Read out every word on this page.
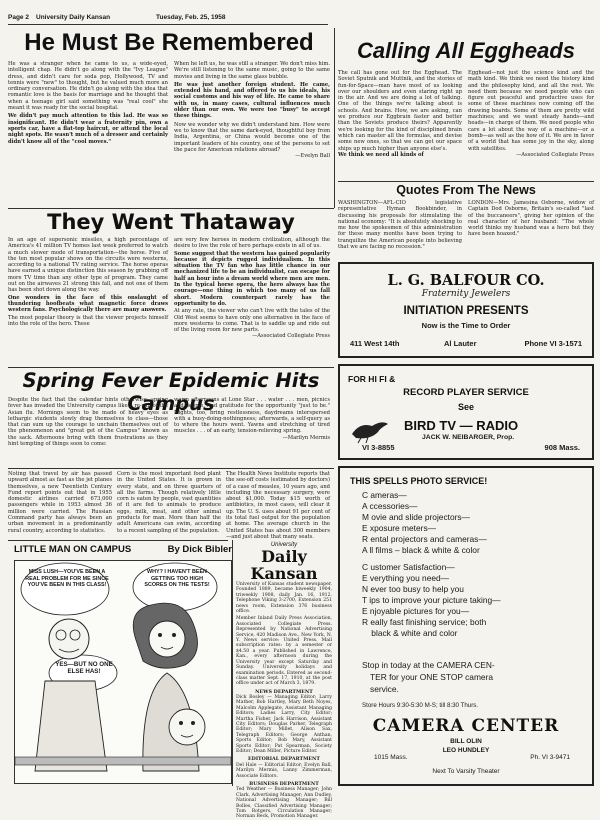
Page 2 University Daily Kansan	Tuesday, Feb. 25, 1958
He Must Be Remembered
He was a stranger when he came to us, a wide-eyed, intelligent chap. He didn't go along with the "Ivy League" dress, and didn't care for soda pop, Hollywood, TV and tennis were "new" to thought, but he valued much more an ordinary conversation. He didn't go along with the idea that romantic love is the basis for marriage and he thought that when a teenage girl said something was "real cool" she meant it was ready for the social hospital.
We didn't pay much attention to this lad. He was so insignificant. He didn't wear a fraternity pin, own a sports car, have a flat-top haircut, or attend the local night spots. He wasn't much of a dresser and certainly didn't know all of the "cool moves."
When he left us, he was still a stranger. We don't miss him. We're still listening to the same music, going to the same movies and living in the same glass bubble.
He was just another foreign student. He came, extended his hand, and offered to us his ideals, his social customs and his way of life. He came to share with us, in many cases, cultural influences much older than our own. We were too "busy" to accept these things.
Now we wonder why we didn't understand him. How were we to know that the same dark-eyed, thoughtful boy from India, Argentina, or China would become one of the important leaders of his country, one of the persons to set the pace for American relations abroad?
—Evelyn Ball
Calling All Eggheads
The call has gone out for the Egghead. The Soviet Sputnik and Muttnik, and the stories of fun-for-Space—man have most of us looking over our shoulders and even staring right up in the air. And we are doing a lot of talking. One of the things we're talking about is schools. And brains. How, we are asking, can we produce our Eggbrain faster and better than the Soviets produce theirs? Apparently we're looking for the kind of disciplined brain which can master all the formulas, and devise some new ones, so that we can get our space ships up much higher than anyone else's.
We think we need all kinds of
Egghead—not just the science kind and the math kind. We think we need the history kind and the philosophy kind, and all the rest. We need them because we need people who can figure out peaceful and productive uses for some of these machines now coming off the drawing boards. Some of them are pretty wild machines; and we want steady hands—and heads—in charge of them. We need people who care a lot about the way of a machine—or a bomb—as well as the how of it. We are in favor of a world that has some joy in the sky, along with satellites.
—Associated Collegiate Press
Quotes From The News
WASHINGTON—AFL-CIO legislative representative Hyman Bookbinder, in discussing his proposals for stimulating the national economy: "It is absolutely shocking to me how the spokesmen of this administration for these many months have been trying to tranquilize the American people into believing that we are facing no recession."
LONDON—Mrs. Jamesina Osborne, widow of Captain Dod Osborne, Britain's so-called "last of the buccaneers", giving her opinion of the real character of her husband: "The whole world thinks my husband was a hero but they have been hoaxed."
They Went Thataway
In an age of supersonic missiles, a high percentage of America's 41 million TV homes last week preferred to watch a much slower mode of transportation—the horse. Five of the ten most popular shows on the circuits were westerns, according to a national TV rating service. The horse operas have earned a unique distinction this season by grabbing off more TV time than any other type of program. They came out on the airwaves 21 strong this fall, and not one of them has been shot down along the way.
One wonders in the face of this onslaught of thundering hoofbeats what magnetic force draws western fans. Psychologically there are many answers.
The most popular theory is that the viewer projects himself into the role of the hero. These
are very few heroes in modern civilization, although the desire to live the role of hero perhaps exists in all of us.
Some suggest that the western has gained popularity because it depicts rugged individualism. In this situation the TV fan who has little chance in our mechanized life to be an individualist, can escape for half an hour into a dream world where men are men. In the typical horse opera, the hero always has the courage—one thing in which too many of us fall short. Modern counterpart rarely has the opportunity to do.
At any rate, the viewer who can't live with the tales of the Old West seems to have only one alternative in the face of more westerns to come. That is to saddle up and ride out of the living room for new parts.
—Associated Collegiate Press
Spring Fever Epidemic Hits Campus
Despite the fact that the calendar hints otherwise, spring fever has invaded the University campus like a re-run of the Asian flu. Mornings seem to be made of heavy eyes as lethargic students slowly drag themselves to class—those that can sum up the courage to unchain themselves out of the phenomenon and "great get of the Campus" known as the sack. Afternoons bring with them frustrations as they hint tempting of things soon to come:
warm afternoons at Lone Star . . . water . . . men, picnics and people. And gratitude for the opportunity "just to be." Nights, too, bring restlessness, daydreams interspersed with a busy-doing-nothingness; afterwards, a self-query as to where the hours went. Yawns and stretching of tired muscles . . . of an early, tension-relieving spring.
—Marilyn Mermis
Noting that travel by air has passed upward almost as fast as the jet planes themselves, a new Twentieth Century Fund report points out that in 1955 domestic airlines carried 673,000 passengers while in 1953 almost 36 million were carried. The Russian Command party has always been an urban movement in a predominantly rural country, according to statistics.
Corn is the most important food plant in the United States. It is grown in every state, and on three quarters of all the farms. Though relatively little corn is eaten by people, vast quantities of it are fed to animals to produce eggs, milk, meat, and other animal products for man. More than half the adult Americans can swim, according to a recent sampling of the population.
The Health News Institute reports that the see-off costs (estimated by doctors) of a case of measles, 10 years ago, and including the necessary surgery, were about $1,000. Today $15 worth of antibiotics, in most cases, will clear it up. The U. S. uses about 91 per cent of its total fuel output for the population at home. The average church in the United States has about 300 members—and just about that many seats.
LITTLE MAN ON CAMPUS	By Dick Bibler
MISS LUSH—YOU'VE BEEN A REAL PROBLEM FOR ME SINCE YOU'VE BEEN IN THIS CLASS!
WHY? I HAVEN'T BEEN GETTING TOO HIGH SCORES ON THE TESTS!
YES—BUT NO ONE ELSE HAS!
University
Daily Kansan
University of Kansas student newspaper. Founded 1889, became biweekly 1904, triweekly 1908, daily Jan. 16, 1912. Telephone Viking 3-2700, Extension 251 news room, Extension 376 business office.
Member Inland Daily Press Association, Associated Collegiate Press. Represented by National Advertising Service, 420 Madison Ave., New York, N. Y. News service: United Press. Mail subscription rates: by a semester or $4.50 a year. Published in Lawrence, Kan., every afternoon during the University year except Saturday and Sunday. University holidays and examination periods. Entered as second-class matter Sept. 17, 1910, at the post office under act of March 3, 1879.
NEWS DEPARTMENT
Dick Bosley — Managing Editor; Larry Mather, Bob Hartley, Mary Beth Noyes, Malcolm Applegate, Assistant Managing Editors; Ladies Larry, City Editor; Martha Fisher, Jack Harrison, Assistant City Editors; Douglas Parker, Telegraph Editor; Mary Millet, Alison Sax, Telegraph Editors; George Anthan, Sports Editor; Bob Mary, Assistant Sports Editor; Pat Spearman, Society Editor; Dean Miller, Picture Editor.
EDITORIAL DEPARTMENT
Del Hale — Editorial Editor; Evelyn Ball, Marilyn Mermis, Lanny Zimmerman, Associate Editors.
BUSINESS DEPARTMENT
Ted Weather — Business Manager; John Clark, Advertising Manager; Ann Dudley, National Advertising Manager; Bill Bolles, Classified Advertising Manager; Tom Rotgers, Circulation Manager; Norman Beck, Promotion Manager.
L. G. BALFOUR CO.
Fraternity Jewelers
INITIATION PRESENTS
Now is the Time to Order
411 West 14th	Al Lauter	Phone VI 3-1571
FOR HI FI &
RECORD PLAYER SERVICE
See
BIRD TV — RADIO
JACK W. NEIBARGER, Prop.
VI 3-8855	908 Mass.
THIS SPELLS PHOTO SERVICE!
C ameras—
A ccessories—
M ovie and slide projectors—
E xposure meters—
R ental projectors and cameras—
A ll films – black & white & color
C ustomer Satisfaction—
E verything you need—
N ever too busy to help you
T ips to improve your picture taking—
E njoyable pictures for you—
R eally fast finishing service; both
black & white and color
Stop in today at the CAMERA CEN-
TER for your ONE STOP camera
service.
Store Hours 9:30-5:30 M-S; till 8:30 Thurs.
CAMERA CENTER
BILL OLIN
LEO HUNDLEY
1015 Mass.	Ph. VI 3-9471
Next To Varsity Theater
